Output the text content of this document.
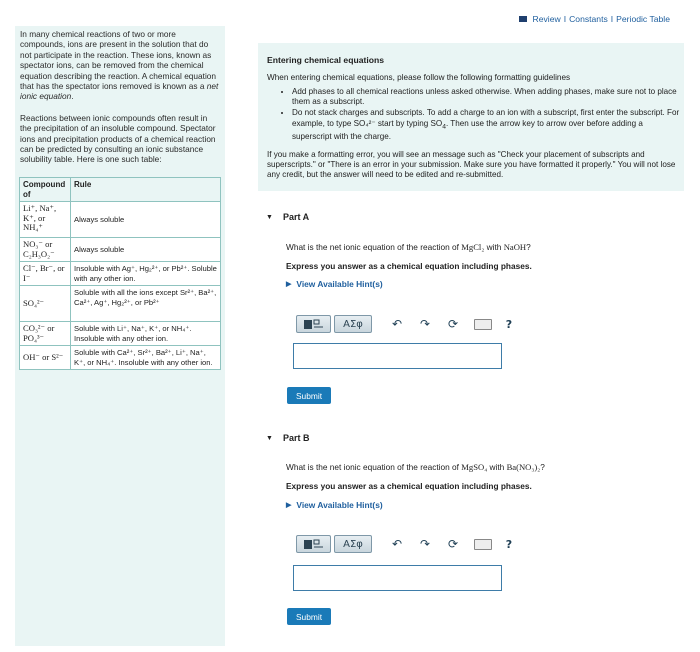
Review I Constants I Periodic Table

In many chemical reactions of two or more compounds, ions are present in the solution that do not participate in the reaction. These ions, known as spectator ions, can be removed from the chemical equation describing the reaction. A chemical equation that has the spectator ions removed is known as a net ionic equation.

Reactions between ionic compounds often result in the precipitation of an insoluble compound. Spectator ions and precipitation products of a chemical reaction can be predicted by consulting an ionic substance solubility table. Here is one such table:

Compound of	Rule
Li⁺, Na⁺, K⁺, or NH₄⁺	Always soluble
NO₃⁻ or C₂H₃O₂⁻	Always soluble
Cl⁻, Br⁻, or I⁻	Insoluble with Ag⁺, Hg₂²⁺, or Pb²⁺. Soluble with any other ion.
SO₄²⁻	Soluble with all the ions except Sr²⁺, Ba²⁺, Ca²⁺, Ag⁺, Hg₂²⁺, or Pb²⁺
CO₃²⁻ or PO₄³⁻	Soluble with Li⁺, Na⁺, K⁺, or NH₄⁺. Insoluble with any other ion.
OH⁻ or S²⁻	Soluble with Ca²⁺, Sr²⁺, Ba²⁺, Li⁺, Na⁺, K⁺, or NH₄⁺. Insoluble with any other ion.
Entering chemical equations
When entering chemical equations, please follow the following formatting guidelines
• Add phases to all chemical reactions unless asked otherwise. When adding phases, make sure not to place them as a subscript.
• Do not stack charges and subscripts. To add a charge to an ion with a subscript, first enter the subscript. For example, to type SO₄²⁻ start by typing $SO_4$. Then use the arrow key to arrow over before adding a superscript with the charge.
If you make a formatting error, you will see an message such as "Check your placement of subscripts and superscripts." or "There is an error in your submission. Make sure you have formatted it properly." You will not lose any credit, but the answer will need to be edited and re-submitted.
▼ Part A
What is the net ionic equation of the reaction of MgCl₂ with NaOH?
Express you answer as a chemical equation including phases.
▶ View Available Hint(s)
AΣφ	↶	↷	⟳	?
Submit
▼ Part B
What is the net ionic equation of the reaction of MgSO₄ with Ba(NO₃)₂?
Express you answer as a chemical equation including phases.
▶ View Available Hint(s)
AΣφ	↶	↷	⟳	?
Submit
